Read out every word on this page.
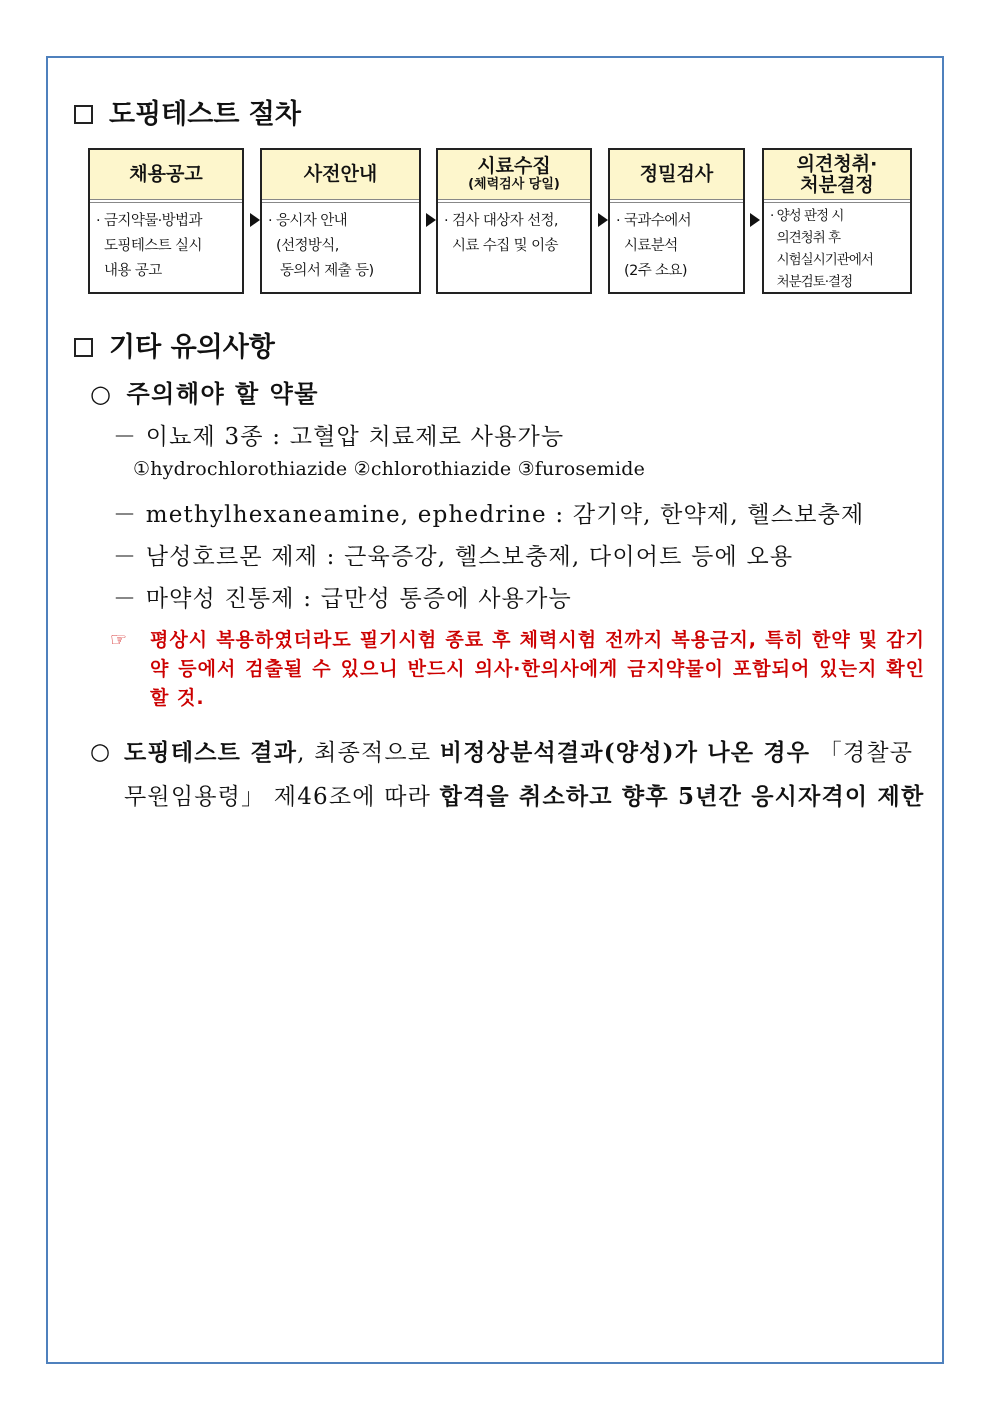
도핑테스트 절차
채용공고
· 금지약물·방법과
도핑테스트 실시
내용 공고
사전안내
· 응시자 안내
(선정방식,
동의서 제출 등)
시료수집
(체력검사 당일)
· 검사 대상자 선정,
시료 수집 및 이송
정밀검사
· 국과수에서
시료분석
(2주 소요)
의견청취·
처분결정
· 양성 판정 시
의견청취 후
시험실시기관에서
처분검토·결정
기타 유의사항
○ 주의해야 할 약물
－ 이뇨제 3종 : 고혈압 치료제로 사용가능
①hydrochlorothiazide ②chlorothiazide ③furosemide
－ methylhexaneamine, ephedrine : 감기약, 한약제, 헬스보충제
－ 남성호르몬 제제 : 근육증강, 헬스보충제, 다이어트 등에 오용
－ 마약성 진통제 : 급만성 통증에 사용가능
☞ 평상시 복용하였더라도 필기시험 종료 후 체력시험 전까지 복용금지, 특히 한약 및 감기약 등에서 검출될 수 있으니 반드시 의사·한의사에게 금지약물이 포함되어 있는지 확인할 것.
○ 도핑테스트 결과, 최종적으로 비정상분석결과(양성)가 나온 경우 「경찰공무원임용령」 제46조에 따라 합격을 취소하고 향후 5년간 응시자격이 제한
